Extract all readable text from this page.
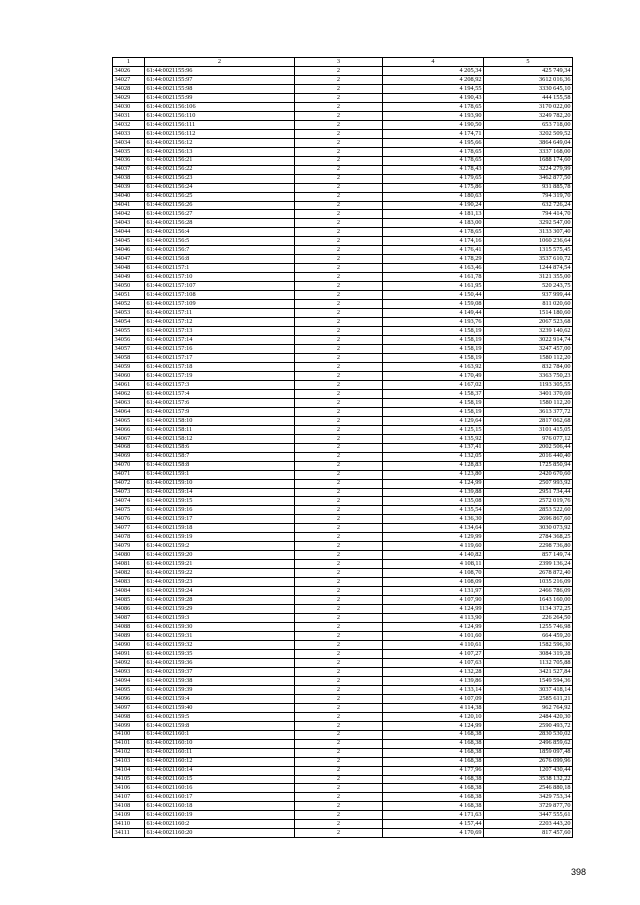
1	2	3	4	5
34026	61:44:0021155:96	2	4 205,34	425 749,34
34027	61:44:0021155:97	2	4 208,92	3612 016,36
34028	61:44:0021155:98	2	4 194,55	3330 645,10
34029	61:44:0021155:99	2	4 190,43	444 155,58
34030	61:44:0021156:106	2	4 178,65	3170 022,00
34031	61:44:0021156:110	2	4 193,90	3249 782,20
34032	61:44:0021156:111	2	4 190,50	653 718,00
34033	61:44:0021156:112	2	4 174,71	3202 509,52
34034	61:44:0021156:12	2	4 195,66	3864 649,04
34035	61:44:0021156:13	2	4 178,65	3337 168,00
34036	61:44:0021156:21	2	4 178,65	1688 174,60
34037	61:44:0021156:22	2	4 178,43	3224 279,99
34038	61:44:0021156:23	2	4 179,65	3462 877,50
34039	61:44:0021156:24	2	4 175,86	931 885,78
34040	61:44:0021156:25	2	4 180,63	794 319,70
34041	61:44:0021156:26	2	4 190,24	632 726,24
34042	61:44:0021156:27	2	4 181,13	794 414,70
34043	61:44:0021156:28	2	4 183,00	3292 547,00
34044	61:44:0021156:4	2	4 178,65	3133 307,40
34045	61:44:0021156:5	2	4 174,16	1060 236,64
34046	61:44:0021156:7	2	4 176,41	1315 575,45
34047	61:44:0021156:8	2	4 178,29	3537 610,72
34048	61:44:0021157:1	2	4 163,46	1244 874,54
34049	61:44:0021157:10	2	4 161,78	3121 355,00
34050	61:44:0021157:107	2	4 161,95	520 243,75
34051	61:44:0021157:108	2	4 150,44	937 999,44
34052	61:44:0021157:109	2	4 159,08	811 020,60
34053	61:44:0021157:11	2	4 149,44	1514 180,60
34054	61:44:0021157:12	2	4 193,76	2067 523,68
34055	61:44:0021157:13	2	4 158,19	3239 140,62
34056	61:44:0021157:14	2	4 158,19	3022 914,74
34057	61:44:0021157:16	2	4 158,19	3247 457,00
34058	61:44:0021157:17	2	4 158,19	1580 112,20
34059	61:44:0021157:18	2	4 163,92	832 784,00
34060	61:44:0021157:19	2	4 170,49	3363 750,23
34061	61:44:0021157:3	2	4 167,02	1193 305,55
34062	61:44:0021157:4	2	4 158,37	3401 370,69
34063	61:44:0021157:6	2	4 158,19	1580 112,20
34064	61:44:0021157:9	2	4 158,19	3613 377,72
34065	61:44:0021158:10	2	4 129,64	2817 062,68
34066	61:44:0021158:11	2	4 125,15	3101 415,05
34067	61:44:0021158:12	2	4 135,92	976 077,12
34068	61:44:0021158:6	2	4 137,41	2002 506,44
34069	61:44:0021158:7	2	4 132,05	2016 440,40
34070	61:44:0021158:8	2	4 128,83	1725 850,94
34071	61:44:0021159:1	2	4 123,80	2420 670,60
34072	61:44:0021159:10	2	4 124,99	2507 993,92
34073	61:44:0021159:14	2	4 139,88	2951 734,44
34074	61:44:0021159:15	2	4 135,08	2572 019,76
34075	61:44:0021159:16	2	4 135,54	2853 522,60
34076	61:44:0021159:17	2	4 136,30	2696 867,60
34077	61:44:0021159:18	2	4 134,64	3030 073,92
34078	61:44:0021159:19	2	4 129,99	2784 368,25
34079	61:44:0021159:2	2	4 119,60	2298 736,80
34080	61:44:0021159:20	2	4 140,82	857 149,74
34081	61:44:0021159:21	2	4 108,11	2399 136,24
34082	61:44:0021159:22	2	4 108,70	2678 872,40
34083	61:44:0021159:23	2	4 108,09	1035 216,09
34084	61:44:0021159:24	2	4 131,97	2466 786,09
34085	61:44:0021159:28	2	4 107,90	1643 160,00
34086	61:44:0021159:29	2	4 124,99	1134 372,25
34087	61:44:0021159:3	2	4 113,90	226 264,50
34088	61:44:0021159:30	2	4 124,99	1255 746,98
34089	61:44:0021159:31	2	4 101,60	664 459,20
34090	61:44:0021159:32	2	4 110,61	1582 596,30
34091	61:44:0021159:35	2	4 107,27	3084 319,28
34092	61:44:0021159:36	2	4 107,63	1132 705,88
34093	61:44:0021159:37	2	4 132,28	3421 527,84
34094	61:44:0021159:38	2	4 139,86	1549 594,36
34095	61:44:0021159:39	2	4 133,14	3037 418,14
34096	61:44:0021159:4	2	4 107,09	2585 611,21
34097	61:44:0021159:40	2	4 114,38	962 764,92
34098	61:44:0021159:5	2	4 120,10	2484 420,30
34099	61:44:0021159:8	2	4 124,99	2590 493,72
34100	61:44:0021160:1	2	4 168,38	2830 530,02
34101	61:44:0021160:10	2	4 168,38	2496 859,62
34102	61:44:0021160:11	2	4 168,38	1859 097,48
34103	61:44:0021160:12	2	4 168,38	2676 099,96
34104	61:44:0021160:14	2	4 177,96	1207 430,44
34105	61:44:0021160:15	2	4 168,38	3538 132,22
34106	61:44:0021160:16	2	4 168,38	2546 880,18
34107	61:44:0021160:17	2	4 168,38	3429 753,34
34108	61:44:0021160:18	2	4 168,38	3729 877,70
34109	61:44:0021160:19	2	4 171,63	3447 555,61
34110	61:44:0021160:2	2	4 157,44	2203 443,20
34111	61:44:0021160:20	2	4 170,69	817 457,60
398
